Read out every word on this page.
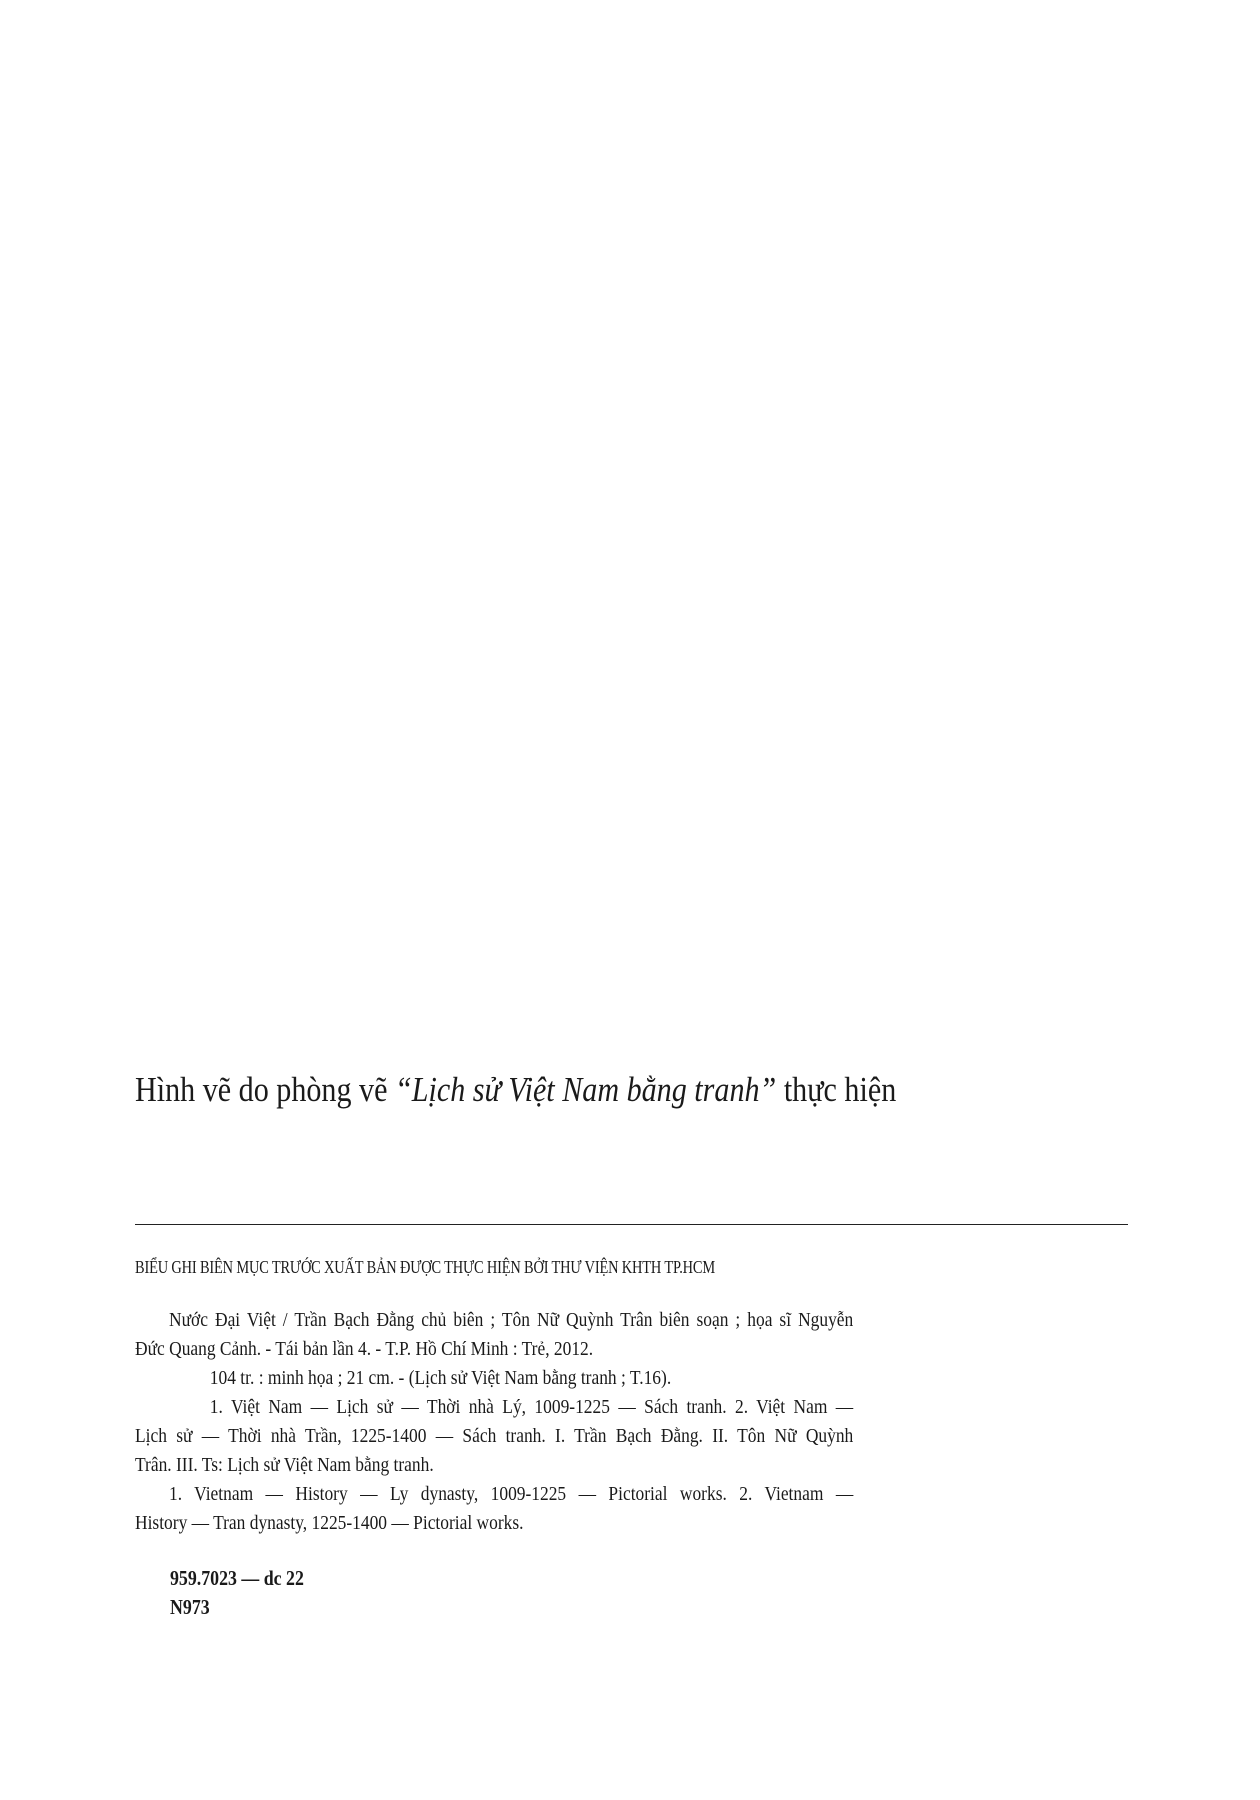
Hình vẽ do phòng vẽ “Lịch sử Việt Nam bằng tranh” thực hiện
BIỂU GHI BIÊN MỤC TRƯỚC XUẤT BẢN ĐƯỢC THỰC HIỆN BỞI THƯ VIỆN KHTH TP.HCM
Nước Đại Việt / Trần Bạch Đằng chủ biên ; Tôn Nữ Quỳnh Trân biên soạn ; họa sĩ Nguyễn
Đức Quang Cảnh. - Tái bản lần 4. - T.P. Hồ Chí Minh : Trẻ, 2012.
104 tr. : minh họa ; 21 cm. - (Lịch sử Việt Nam bằng tranh ; T.16).
1. Việt Nam — Lịch sử — Thời nhà Lý, 1009-1225 — Sách tranh. 2. Việt Nam —
Lịch sử — Thời nhà Trần, 1225-1400 — Sách tranh. I. Trần Bạch Đằng. II. Tôn Nữ Quỳnh
Trân. III. Ts: Lịch sử Việt Nam bằng tranh.
1. Vietnam — History — Ly dynasty, 1009-1225 — Pictorial works. 2. Vietnam —
History — Tran dynasty, 1225-1400 — Pictorial works.
959.7023 — dc 22
N973
